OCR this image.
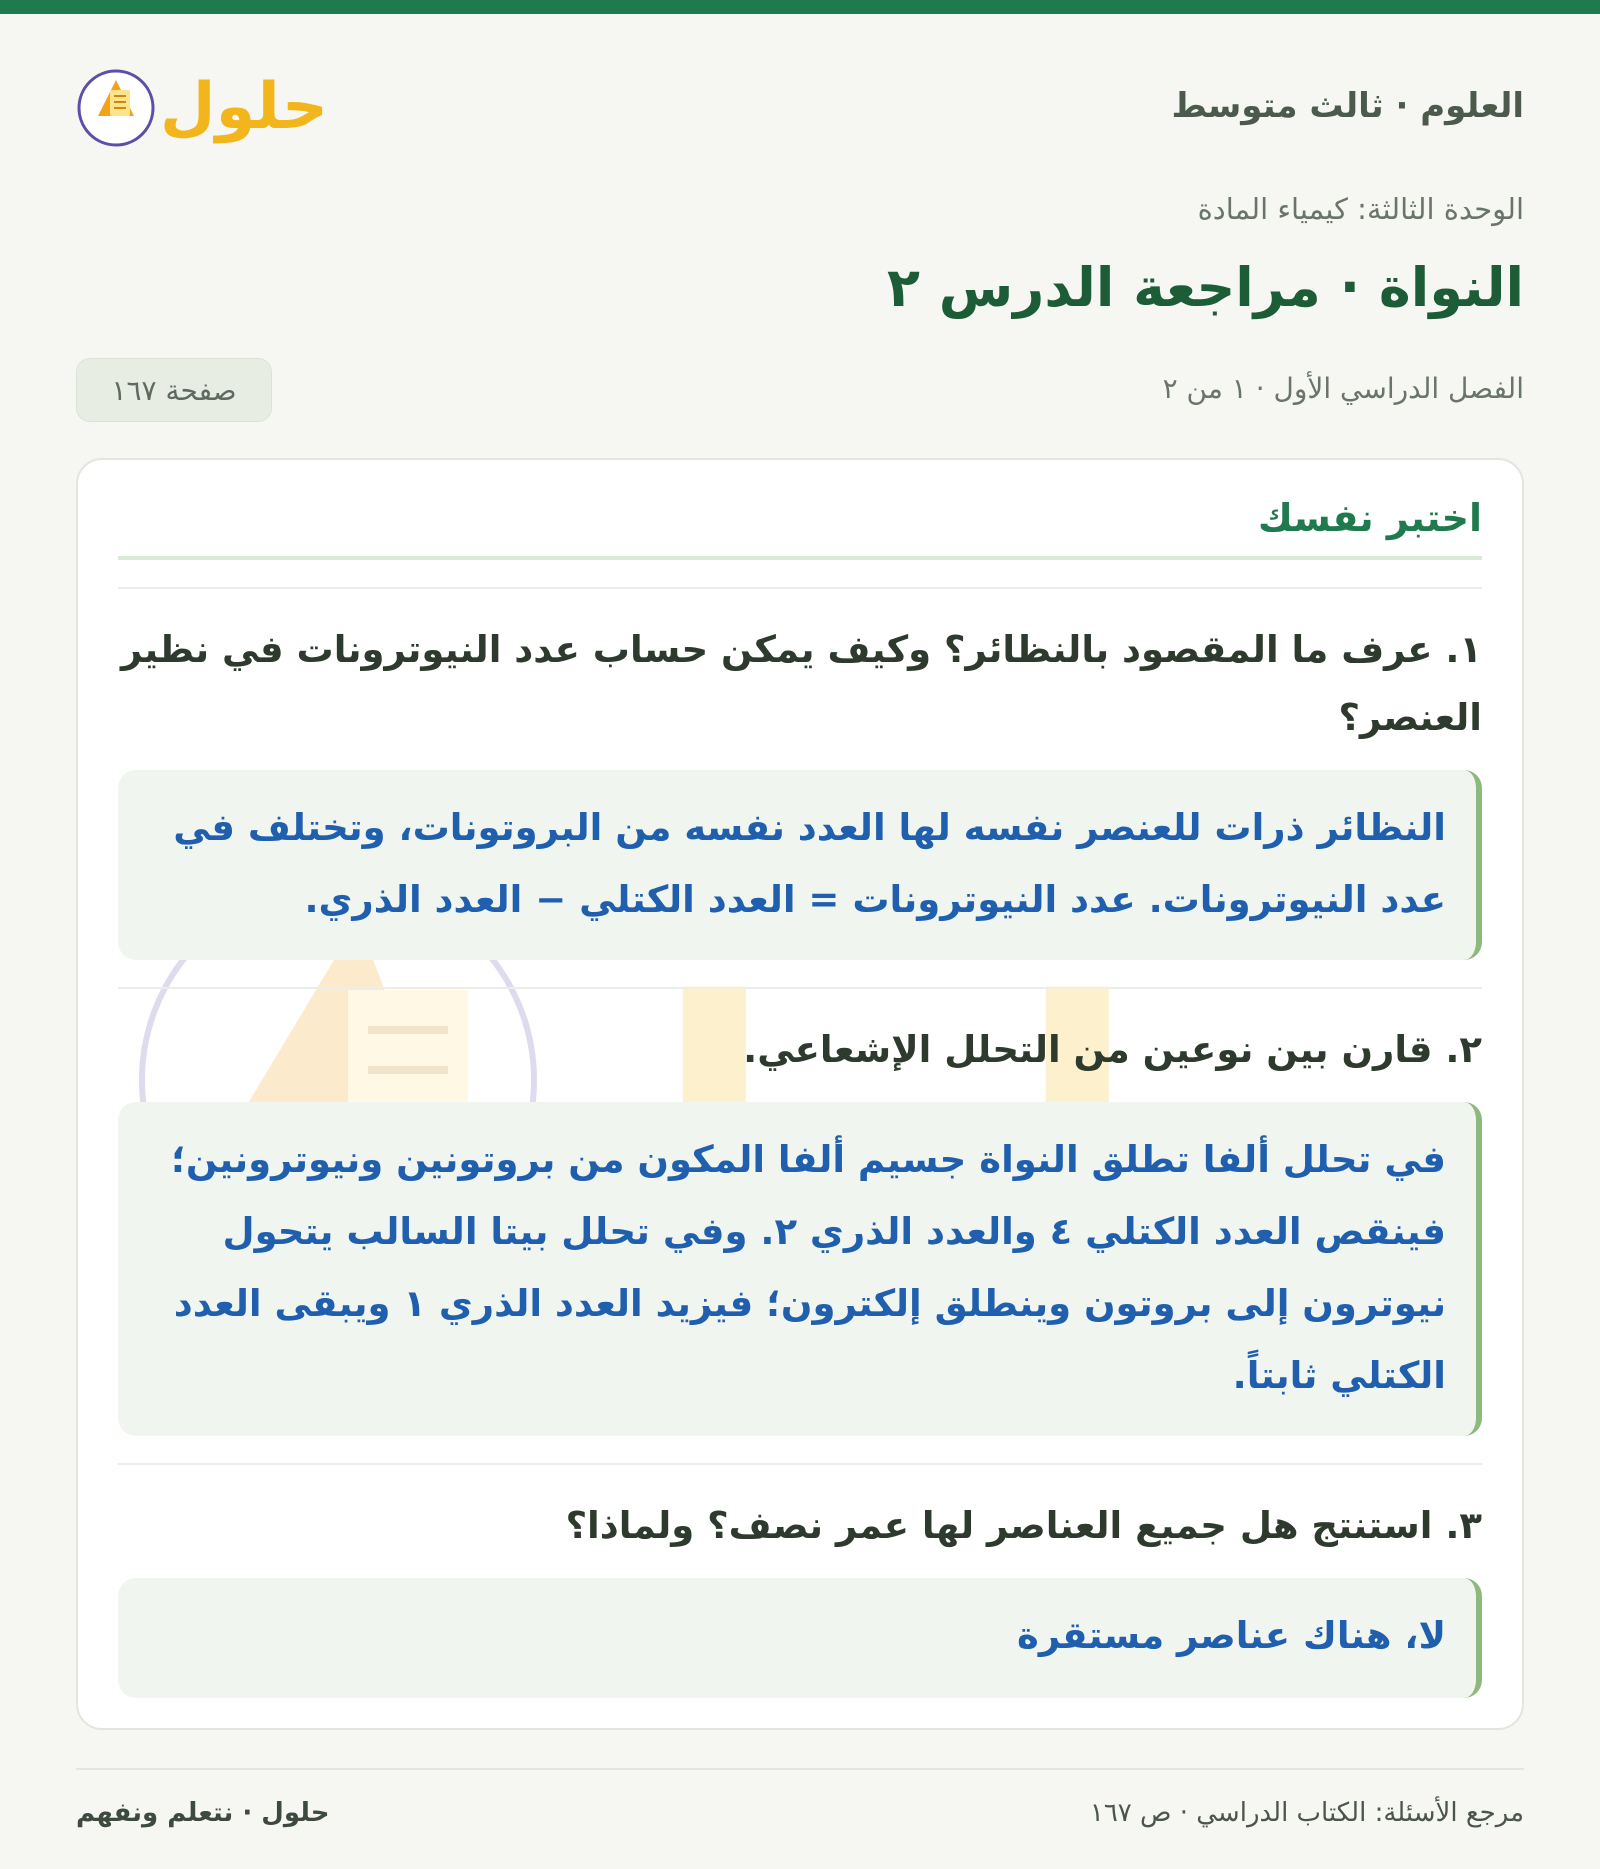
العلوم · ثالث متوسط
حلول
الوحدة الثالثة: كيمياء المادة
النواة · مراجعة الدرس ٢
الفصل الدراسي الأول · ١ من ٢
صفحة ١٦٧
اختبر نفسك
١. عرف ما المقصود بالنظائر؟ وكيف يمكن حساب عدد النيوترونات في نظير العنصر؟
النظائر ذرات للعنصر نفسه لها العدد نفسه من البروتونات، وتختلف في عدد النيوترونات. عدد النيوترونات = العدد الكتلي − العدد الذري.
٢. قارن بين نوعين من التحلل الإشعاعي.
في تحلل ألفا تطلق النواة جسيم ألفا المكون من بروتونين ونيوترونين؛ فينقص العدد الكتلي ٤ والعدد الذري ٢. وفي تحلل بيتا السالب يتحول نيوترون إلى بروتون وينطلق إلكترون؛ فيزيد العدد الذري ١ ويبقى العدد الكتلي ثابتاً.
٣. استنتج هل جميع العناصر لها عمر نصف؟ ولماذا؟
لا، هناك عناصر مستقرة
مرجع الأسئلة: الكتاب الدراسي · ص ١٦٧
حلول · نتعلم ونفهم
